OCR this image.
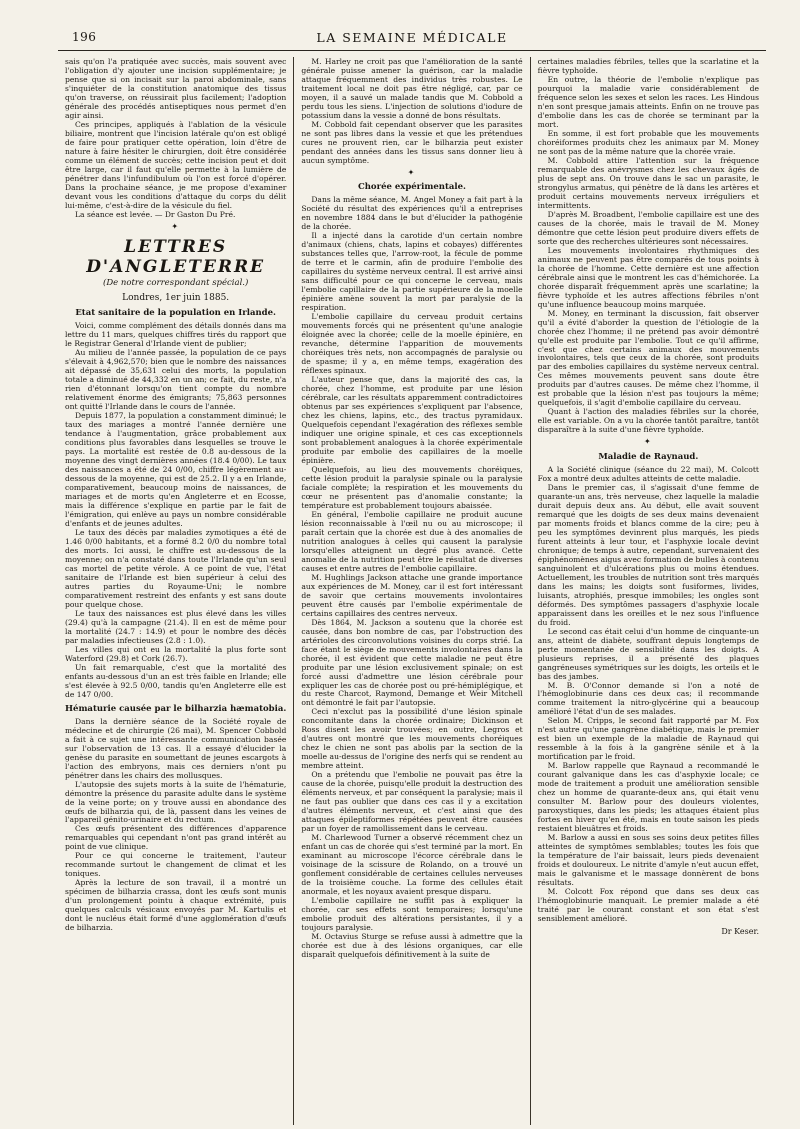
196	LA SEMAINE MÉDICALE

sais qu'on l'a pratiquée avec succès, mais souvent avec l'obligation d'y ajouter une incision supplémentaire; je pense que si on incisait sur la paroi abdominale, sans s'inquiéter de la constitution anatomique des tissus qu'on traverse, on réussirait plus facilement; l'adoption générale des procédés antiseptiques nous permet d'en agir ainsi.

Ces principes, appliqués à l'ablation de la vésicule biliaire, montrent que l'incision latérale qu'on est obligé de faire pour pratiquer cette opération, loin d'être de nature à faire hésiter le chirurgien, doit être considérée comme un élément de succès; cette incision peut et doit être large, car il faut qu'elle permette à la lumière de pénétrer dans l'infundibulum où l'on est forcé d'opérer. Dans la prochaine séance, je me propose d'examiner devant vous les conditions d'attaque du corps du délit lui-même, c'est-à-dire de la vésicule du fiel.

La séance est levée. — Dr Gaston Du Pré.

✦
LETTRES D'ANGLETERRE
(De notre correspondant spécial.)
Londres, 1er juin 1885.
Etat sanitaire de la population en Irlande.

Voici, comme complément des détails donnés dans ma lettre du 11 mars, quelques chiffres tirés du rapport que le Registrar General d'Irlande vient de publier;

Au milieu de l'année passée, la population de ce pays s'élevait à 4,962,570; bien que le nombre des naissances ait dépassé de 35,631 celui des morts, la population totale a diminué de 44,332 en un an; ce fait, du reste, n'a rien d'étonnant lorsqu'on tient compte du nombre relativement énorme des émigrants; 75,863 personnes ont quitté l'Irlande dans le cours de l'année.

Depuis 1877, la population a constamment diminué; le taux des mariages a montré l'année dernière une tendance à l'augmentation, grâce probablement aux conditions plus favorables dans lesquelles se trouve le pays. La mortalité est restée de 0.8 au-dessous de la moyenne des vingt dernières années (18.4 0/00). Le taux des naissances a été de 24 0/00, chiffre légèrement au-dessous de la moyenne, qui est de 25.2. Il y a en Irlande, comparativement, beaucoup moins de naissances, de mariages et de morts qu'en Angleterre et en Ecosse, mais la différence s'explique en partie par le fait de l'émigration, qui enlève au pays un nombre considérable d'enfants et de jeunes adultes.

Le taux des décès par maladies zymotiques a été de 1.46 0/00 habitants, et a formé 8.2 0/0 du nombre total des morts. Ici aussi, le chiffre est au-dessous de la moyenne; on n'a constaté dans toute l'Irlande qu'un seul cas mortel de petite vérole. A ce point de vue, l'état sanitaire de l'Irlande est bien supérieur à celui des autres parties du Royaume-Uni; le nombre comparativement restreint des enfants y est sans doute pour quelque chose.

Le taux des naissances est plus élevé dans les villes (29.4) qu'à la campagne (21.4). Il en est de même pour la mortalité (24.7 : 14.9) et pour le nombre des décès par maladies infectieuses (2.8 : 1.0).

Les villes qui ont eu la mortalité la plus forte sont Waterford (29.8) et Cork (26.7).

Un fait remarquable, c'est que la mortalité des enfants au-dessous d'un an est très faible en Irlande; elle s'est élevée à 92.5 0/00, tandis qu'en Angleterre elle est de 147 0/00.

Hématurie causée par le bilharzia hæmatobia.

Dans la dernière séance de la Société royale de médecine et de chirurgie (26 mai), M. Spencer Cobbold a fait à ce sujet une intéressante communication basée sur l'observation de 13 cas. Il a essayé d'élucider la genèse du parasite en soumettant de jeunes escargots à l'action des embryons, mais ces derniers n'ont pu pénétrer dans les chairs des mollusques.

L'autopsie des sujets morts à la suite de l'hématurie, démontre la présence du parasite adulte dans le système de la veine porte; on y trouve aussi en abondance des œufs de bilharzia qui, de là, passent dans les veines de l'appareil génito-urinaire et du rectum.

Ces œufs présentent des différences d'apparence remarquables qui cependant n'ont pas grand intérêt au point de vue clinique.

Pour ce qui concerne le traitement, l'auteur recommande surtout le changement de climat et les toniques.

Après la lecture de son travail, il a montré un spécimen de bilharzia crassa, dont les œufs sont munis d'un prolongement pointu à chaque extrémité, puis quelques calculs vésicaux envoyés par M. Kartulis et dont le nucléus était formé d'une agglomération d'œufs de bilharzia.

M. Harley ne croit pas que l'amélioration de la santé générale puisse amener la guérison, car la maladie attaque fréquemment des individus très robustes. Le traitement local ne doit pas être négligé, car, par ce moyen, il a sauvé un malade tandis que M. Cobbold a perdu tous les siens. L'injection de solutions d'iodure de potassium dans la vessie a donné de bons résultats.

M. Cobbold fait cependant observer que les parasites ne sont pas libres dans la vessie et que les prétendues cures ne prouvent rien, car le bilharzia peut exister pendant des années dans les tissus sans donner lieu à aucun symptôme.

✦
Chorée expérimentale.

Dans la même séance, M. Angel Money a fait part à la Société du résultat des expériences qu'il a entreprises en novembre 1884 dans le but d'élucider la pathogénie de la chorée.

Il a injecté dans la carotide d'un certain nombre d'animaux (chiens, chats, lapins et cobayes) différentes substances telles que, l'arrow-root, la fécule de pomme de terre et le carmin, afin de produire l'embolie des capillaires du système nerveux central. Il est arrivé ainsi sans difficulté pour ce qui concerne le cerveau, mais l'embolie capillaire de la partie supérieure de la moelle épinière amène souvent la mort par paralysie de la respiration.

L'embolie capillaire du cerveau produit certains mouvements forcés qui ne présentent qu'une analogie éloignée avec la chorée; celle de la moelle épinière, en revanche, détermine l'apparition de mouvements choréiques très nets, non accompagnés de paralysie ou de spasme; il y a, en même temps, exagération des réflexes spinaux.

L'auteur pense que, dans la majorité des cas, la chorée, chez l'homme, est produite par une lésion cérébrale, car les résultats apparemment contradictoires obtenus par ses expériences s'expliquent par l'absence, chez les chiens, lapins, etc., des tractus pyramidaux. Quelquefois cependant l'exagération des réflexes semble indiquer une origine spinale, et ces cas exceptionnels sont probablement analogues à la chorée expérimentale produite par embolie des capillaires de la moelle épinière.

Quelquefois, au lieu des mouvements choréiques, cette lésion produit la paralysie spinale ou la paralysie faciale complète; la respiration et les mouvements du cœur ne présentent pas d'anomalie constante; la température est probablement toujours abaissée.

En général, l'embolie capillaire ne produit aucune lésion reconnaissable à l'œil nu ou au microscope; il paraît certain que la chorée est due à des anomalies de nutrition analogues à celles qui causent la paralysie lorsqu'elles atteignent un degré plus avancé. Cette anomalie de la nutrition peut être le résultat de diverses causes et entre autres de l'embolie capillaire.

M. Hughlings Jackson attache une grande importance aux expériences de M. Money, car il est fort intéressant de savoir que certains mouvements involontaires peuvent être causés par l'embolie expérimentale de certains capillaires des centres nerveux.

Dès 1864, M. Jackson a soutenu que la chorée est causée, dans bon nombre de cas, par l'obstruction des artérioles des circonvolutions voisines du corps strié. La face étant le siège de mouvements involontaires dans la chorée, il est évident que cette maladie ne peut être produite par une lésion exclusivement spinale; on est forcé aussi d'admettre une lésion cérébrale pour expliquer les cas de chorée post ou pré-hémiplégique, et du reste Charcot, Raymond, Demange et Weir Mitchell ont démontré le fait par l'autopsie.

Ceci n'exclut pas la possibilité d'une lésion spinale concomitante dans la chorée ordinaire; Dickinson et Ross disent les avoir trouvées; en outre, Legros et d'autres ont montré que les mouvements choréiques chez le chien ne sont pas abolis par la section de la moelle au-dessus de l'origine des nerfs qui se rendent au membre atteint.

On a prétendu que l'embolie ne pouvait pas être la cause de la chorée, puisqu'elle produit la destruction des éléments nerveux, et par conséquent la paralysie; mais il ne faut pas oublier que dans ces cas il y a excitation d'autres éléments nerveux, et c'est ainsi que des attaques épileptiformes répétées peuvent être causées par un foyer de ramollissement dans le cerveau.

M. Charlewood Turner a observé récemment chez un enfant un cas de chorée qui s'est terminé par la mort. En examinant au microscope l'écorce cérébrale dans le voisinage de la scissure de Rolando, on a trouvé un gonflement considérable de certaines cellules nerveuses de la troisième couche. La forme des cellules était anormale, et les noyaux avaient presque disparu.

L'embolie capillaire ne suffit pas à expliquer la chorée, car ses effets sont temporaires; lorsqu'une embolie produit des altérations persistantes, il y a toujours paralysie.

M. Octavius Sturge se refuse aussi à admettre que la chorée est due à des lésions organiques, car elle disparaît quelquefois définitivement à la suite de

certaines maladies fébriles, telles que la scarlatine et la fièvre typhoïde.

En outre, la théorie de l'embolie n'explique pas pourquoi la maladie varie considérablement de fréquence selon les sexes et selon les races. Les Hindous n'en sont presque jamais atteints. Enfin on ne trouve pas d'embolie dans les cas de chorée se terminant par la mort.

En somme, il est fort probable que les mouvements choréiformes produits chez les animaux par M. Money ne sont pas de la même nature que la chorée vraie.

M. Cobbold attire l'attention sur la fréquence remarquable des anévrysmes chez les chevaux âgés de plus de sept ans. On trouve dans le sac un parasite, le strongylus armatus, qui pénètre de là dans les artères et produit certains mouvements nerveux irréguliers et intermittents.

D'après M. Broadbent, l'embolie capillaire est une des causes de la chorée, mais le travail de M. Money démontre que cette lésion peut produire divers effets de sorte que des recherches ultérieures sont nécessaires.

Les mouvements involontaires rhythmiques des animaux ne peuvent pas être comparés de tous points à la chorée de l'homme. Cette dernière est une affection cérébrale ainsi que le montrent les cas d'hémichorée. La chorée disparaît fréquemment après une scarlatine; la fièvre typhoïde et les autres affections fébriles n'ont qu'une influence beaucoup moins marquée.

M. Money, en terminant la discussion, fait observer qu'il a évité d'aborder la question de l'étiologie de la chorée chez l'homme; il ne prétend pas avoir démontré qu'elle est produite par l'embolie. Tout ce qu'il affirme, c'est que chez certains animaux des mouvements involontaires, tels que ceux de la chorée, sont produits par des embolies capillaires du système nerveux central. Ces mêmes mouvements peuvent sans doute être produits par d'autres causes. De même chez l'homme, il est probable que la lésion n'est pas toujours la même; quelquefois, il s'agit d'embolie capillaire du cerveau.

Quant à l'action des maladies fébriles sur la chorée, elle est variable. On a vu la chorée tantôt paraître, tantôt disparaître à la suite d'une fièvre typhoïde.

✦
Maladie de Raynaud.

A la Société clinique (séance du 22 mai), M. Colcott Fox a montré deux adultes atteints de cette maladie.

Dans le premier cas, il s'agissait d'une femme de quarante-un ans, très nerveuse, chez laquelle la maladie durait depuis deux ans. Au début, elle avait souvent remarqué que les doigts de ses deux mains devenaient par moments froids et blancs comme de la cire; peu à peu les symptômes devinrent plus marqués, les pieds furent atteints à leur tour, et l'asphyxie locale devint chronique; de temps à autre, cependant, survenaient des épiphénomènes aigus avec formation de bulles à contenu sanguinolent et d'ulcérations plus ou moins étendues. Actuellement, les troubles de nutrition sont très marqués dans les mains; les doigts sont fusiformes, livides, luisants, atrophiés, presque immobiles; les ongles sont déformés. Des symptômes passagers d'asphyxie locale apparaissent dans les oreilles et le nez sous l'influence du froid.

Le second cas était celui d'un homme de cinquante-un ans, atteint de diabète, souffrant depuis longtemps de perte momentanée de sensibilité dans les doigts. A plusieurs reprises, il a présenté des plaques gangréneuses symétriques sur les doigts, les orteils et le bas des jambes.

M. B. O'Connor demande si l'on a noté de l'hémoglobinurie dans ces deux cas; il recommande comme traitement la nitro-glycérine qui a beaucoup amélioré l'état d'un de ses malades.

Selon M. Cripps, le second fait rapporté par M. Fox n'est autre qu'une gangrène diabétique, mais le premier est bien un exemple de la maladie de Raynaud qui ressemble à la fois à la gangrène sénile et à la mortification par le froid.

M. Barlow rappelle que Raynaud a recommandé le courant galvanique dans les cas d'asphyxie locale; ce mode de traitement a produit une amélioration sensible chez un homme de quarante-deux ans, qui était venu consulter M. Barlow pour des douleurs violentes, paroxystiques, dans les pieds; les attaques étaient plus fortes en hiver qu'en été, mais en toute saison les pieds restaient bleuâtres et froids.

M. Barlow a aussi en sous ses soins deux petites filles atteintes de symptômes semblables; toutes les fois que la température de l'air baissait, leurs pieds devenaient froids et douloureux. Le nitrite d'amyle n'eut aucun effet, mais le galvanisme et le massage donnèrent de bons résultats.

M. Colcott Fox répond que dans ses deux cas l'hémoglobinurie manquait. Le premier malade a été traité par le courant constant et son état s'est sensiblement amélioré.

Dr Keser.
